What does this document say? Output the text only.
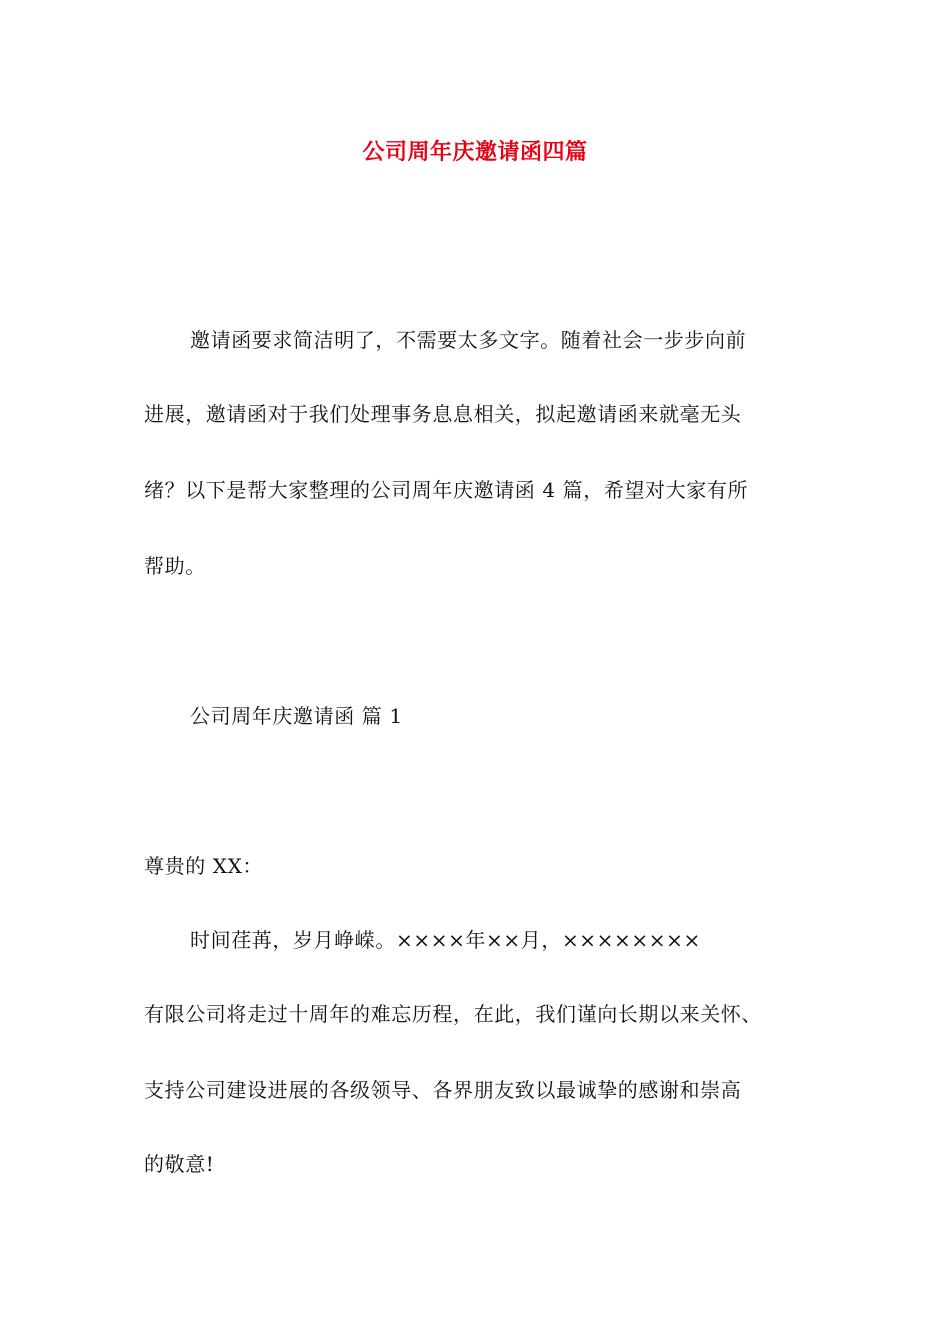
公司周年庆邀请函四篇
邀请函要求简洁明了，不需要太多文字。随着社会一步步向前
进展，邀请函对于我们处理事务息息相关，拟起邀请函来就毫无头
绪？以下是帮大家整理的公司周年庆邀请函 4 篇，希望对大家有所
帮助。
公司周年庆邀请函 篇 1
尊贵的 XX：
时间荏苒，岁月峥嵘。××××年××月，××××××××
有限公司将走过十周年的难忘历程，在此，我们谨向长期以来关怀、
支持公司建设进展的各级领导、各界朋友致以最诚挚的感谢和崇高
的敬意!
